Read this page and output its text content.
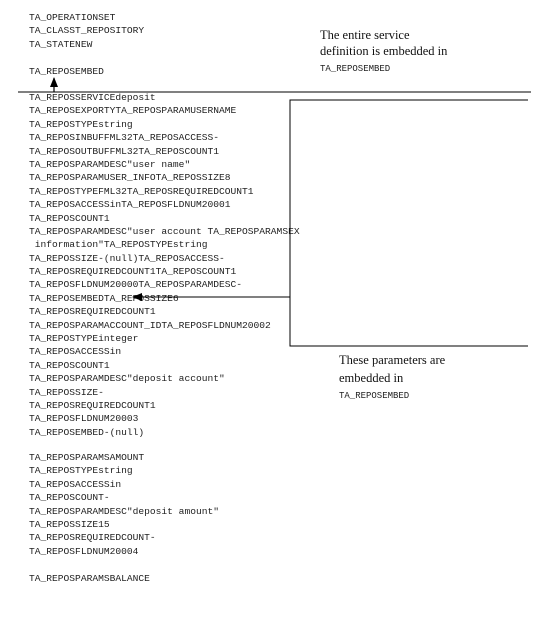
TA_OPERATIONSET
TA_CLASST_REPOSITORY
TA_STATENEW
TA_REPOSEMBED
TA_REPOSSERVICEdeposit
TA_REPOSEXPORTYTA_REPOSPARAMUSERNAME
TA_REPOSTYPEstring
TA_REPOSINBUFFML32TA_REPOSACCESS-
TA_REPOSOUTBUFFML32TA_REPOSCOUNT1
TA_REPOSPARAMDESC"user name"
TA_REPOSPARAMUSER_INFOTA_REPOSSIZE8
TA_REPOSTYPEFML32TA_REPOSREQUIREDCOUNT1
TA_REPOSACCESSinTA_REPOSFLDNUM20001
TA_REPOSCOUNT1
TA_REPOSPARAMDESC"user account TA_REPOSPARAMSEX
information"TA_REPOSTYPEstring
TA_REPOSSIZE-(null)TA_REPOSACCESS-
TA_REPOSREQUIREDCOUNT1TA_REPOSCOUNT1
TA_REPOSFLDNUM20000TA_REPOSPARAMDESC-
TA_REPOSEMBEDTA_REPOSSIZE6
TA_REPOSREQUIREDCOUNT1
TA_REPOSPARAMACCOUNT_IDTA_REPOSFLDNUM20002
TA_REPOSTYPEinteger
TA_REPOSACCESSin
TA_REPOSCOUNT1
TA_REPOSPARAMDESC"deposit account"
TA_REPOSSIZE-
TA_REPOSREQUIREDCOUNT1
TA_REPOSFLDNUM20003
TA_REPOSEMBED-(null)
TA_REPOSPARAMSAMOUNT
TA_REPOSTYPEstring
TA_REPOSACCESSin
TA_REPOSCOUNT-
TA_REPOSPARAMDESC"deposit amount"
TA_REPOSSIZE15
TA_REPOSREQUIREDCOUNT-
TA_REPOSFLDNUM20004
TA_REPOSPARAMSBALANCE
The entire service
definition is embedded in
TA_REPOSEMBED
These parameters are
embedded in
TA_REPOSEMBED
